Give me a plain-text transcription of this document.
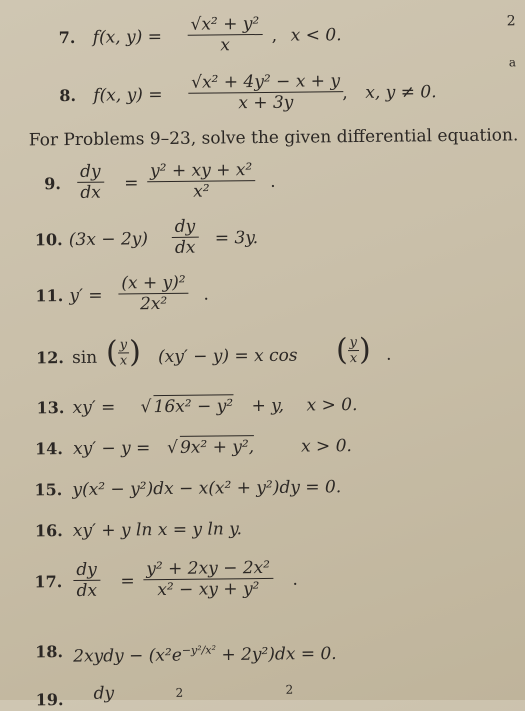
2
a
7. f(x, $y) = \frac{\text{√x² + y²}}{x}$ , x < 0.
8. f(x, $y) = \frac{\text{√x² + 4y² − x + y}}{x + 3y}$
, x, y ≠ 0.
For Problems 9–23, solve the given differential equation.
9. $\frac{dy}{dx} = \frac{\text{y² + xy + x²}}{\text{x²}}$ .
10. $(3x - 2y) \frac{dy}{dx} = 3y$.
11. $y' = \frac{\text{(x + y)²}}{\text{2x²}}$ .
12. sin ( $\frac{y}{x}$ ) (xy′ − y) = x cos ( $\frac{y}{x}$ ) .
13. xy′ = √ 16x² − y² + y, x > 0.
14. xy′ − y = √ 9x² + y²,	x > 0.
15. y(x² − y²)dx − x(x² + y²)dy = 0.
16. xy′ + y ln x = y ln y.
17. $\frac{dy}{dx} = \frac{\text{y² + 2xy − 2x²}}{\text{x² − xy + y²}}$ .
18. 2xydy − $(x^2e^{-y^2/x^2} + 2y^2)dx = 0$.
19. dy	2	2
